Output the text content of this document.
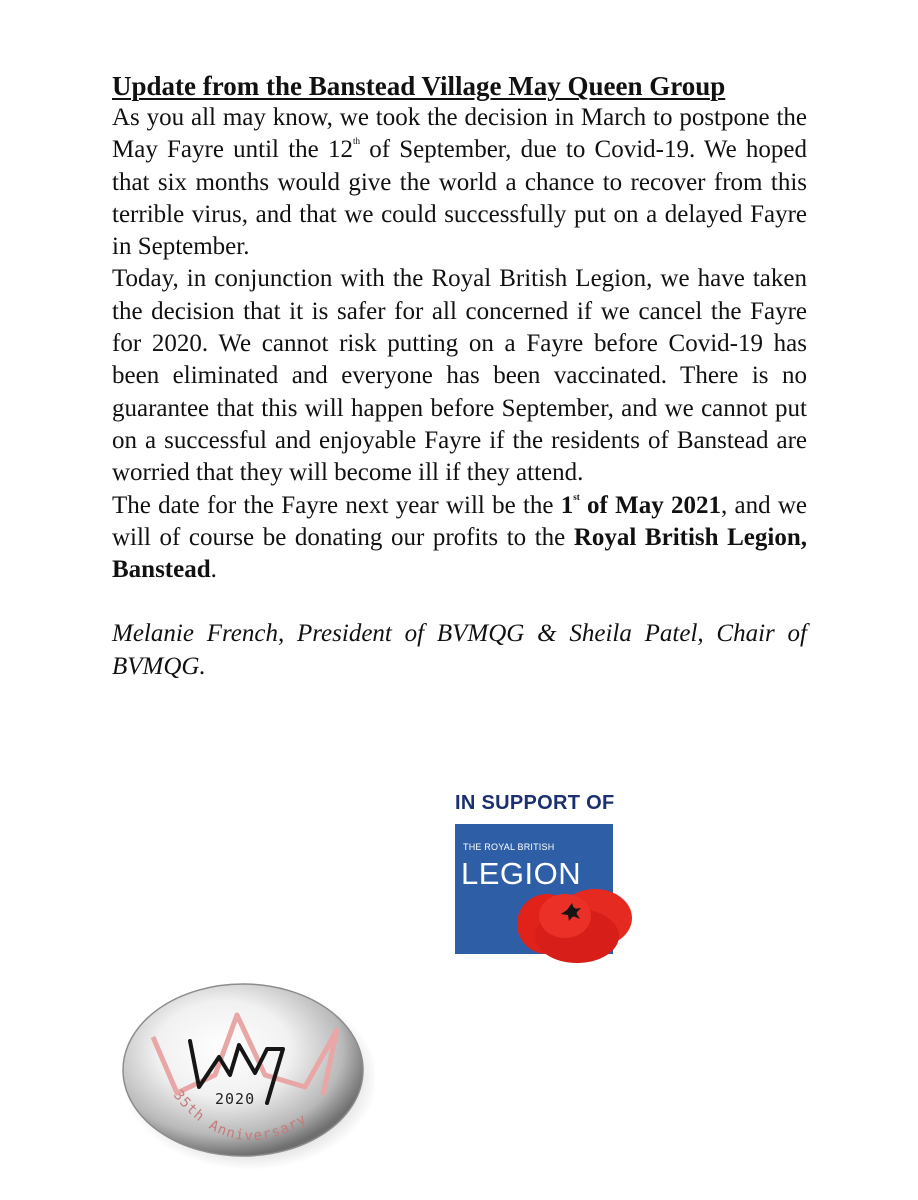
Update from the Banstead Village May Queen Group

As you all may know, we took the decision in March to postpone the May Fayre until the 12th of September, due to Covid-19. We hoped that six months would give the world a chance to recover from this terrible virus, and that we could successfully put on a delayed Fayre in September.

Today, in conjunction with the Royal British Legion, we have taken the decision that it is safer for all concerned if we cancel the Fayre for 2020. We cannot risk putting on a Fayre before Covid-19 has been eliminated and everyone has been vaccinated. There is no guarantee that this will happen before September, and we cannot put on a successful and enjoyable Fayre if the residents of Banstead are worried that they will become ill if they attend.

The date for the Fayre next year will be the 1st of May 2021, and we will of course be donating our profits to the Royal British Legion, Banstead.

Melanie French, President of BVMQG & Sheila Patel, Chair of BVMQG.

IN SUPPORT OF
THE ROYAL BRITISH
LEGION
35th Anniversary
2020
